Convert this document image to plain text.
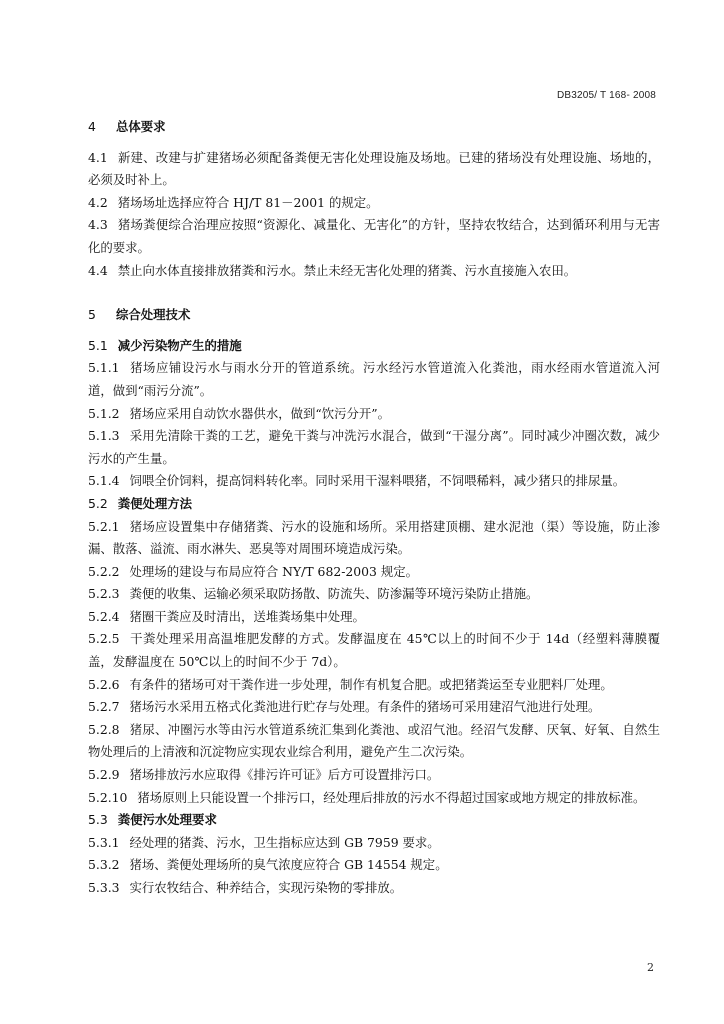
DB3205/ T 168- 2008
4 总体要求
4.1 新建、改建与扩建猪场必须配备粪便无害化处理设施及场地。已建的猪场没有处理设施、场地的，必须及时补上。
4.2 猪场场址选择应符合 HJ/T 81－2001 的规定。
4.3 猪场粪便综合治理应按照“资源化、减量化、无害化”的方针，坚持农牧结合，达到循环利用与无害化的要求。
4.4 禁止向水体直接排放猪粪和污水。禁止未经无害化处理的猪粪、污水直接施入农田。
5 综合处理技术
5.1 减少污染物产生的措施
5.1.1 猪场应铺设污水与雨水分开的管道系统。污水经污水管道流入化粪池，雨水经雨水管道流入河道，做到“雨污分流”。
5.1.2 猪场应采用自动饮水器供水，做到“饮污分开”。
5.1.3 采用先清除干粪的工艺，避免干粪与冲洗污水混合，做到“干湿分离”。同时减少冲圈次数，减少污水的产生量。
5.1.4 饲喂全价饲料，提高饲料转化率。同时采用干湿料喂猪，不饲喂稀料，减少猪只的排尿量。
5.2 粪便处理方法
5.2.1 猪场应设置集中存储猪粪、污水的设施和场所。采用搭建顶棚、建水泥池（渠）等设施，防止渗漏、散落、溢流、雨水淋失、恶臭等对周围环境造成污染。
5.2.2 处理场的建设与布局应符合 NY/T 682-2003 规定。
5.2.3 粪便的收集、运输必须采取防扬散、防流失、防渗漏等环境污染防止措施。
5.2.4 猪圈干粪应及时清出，送堆粪场集中处理。
5.2.5 干粪处理采用高温堆肥发酵的方式。发酵温度在 45℃以上的时间不少于 14d（经塑料薄膜覆盖，发酵温度在 50℃以上的时间不少于 7d）。
5.2.6 有条件的猪场可对干粪作进一步处理，制作有机复合肥。或把猪粪运至专业肥料厂处理。
5.2.7 猪场污水采用五格式化粪池进行贮存与处理。有条件的猪场可采用建沼气池进行处理。
5.2.8 猪尿、冲圈污水等由污水管道系统汇集到化粪池、或沼气池。经沼气发酵、厌氧、好氧、自然生物处理后的上清液和沉淀物应实现农业综合利用，避免产生二次污染。
5.2.9 猪场排放污水应取得《排污许可证》后方可设置排污口。
5.2.10 猪场原则上只能设置一个排污口，经处理后排放的污水不得超过国家或地方规定的排放标准。
5.3 粪便污水处理要求
5.3.1 经处理的猪粪、污水，卫生指标应达到 GB 7959 要求。
5.3.2 猪场、粪便处理场所的臭气浓度应符合 GB 14554 规定。
5.3.3 实行农牧结合、种养结合，实现污染物的零排放。
2
